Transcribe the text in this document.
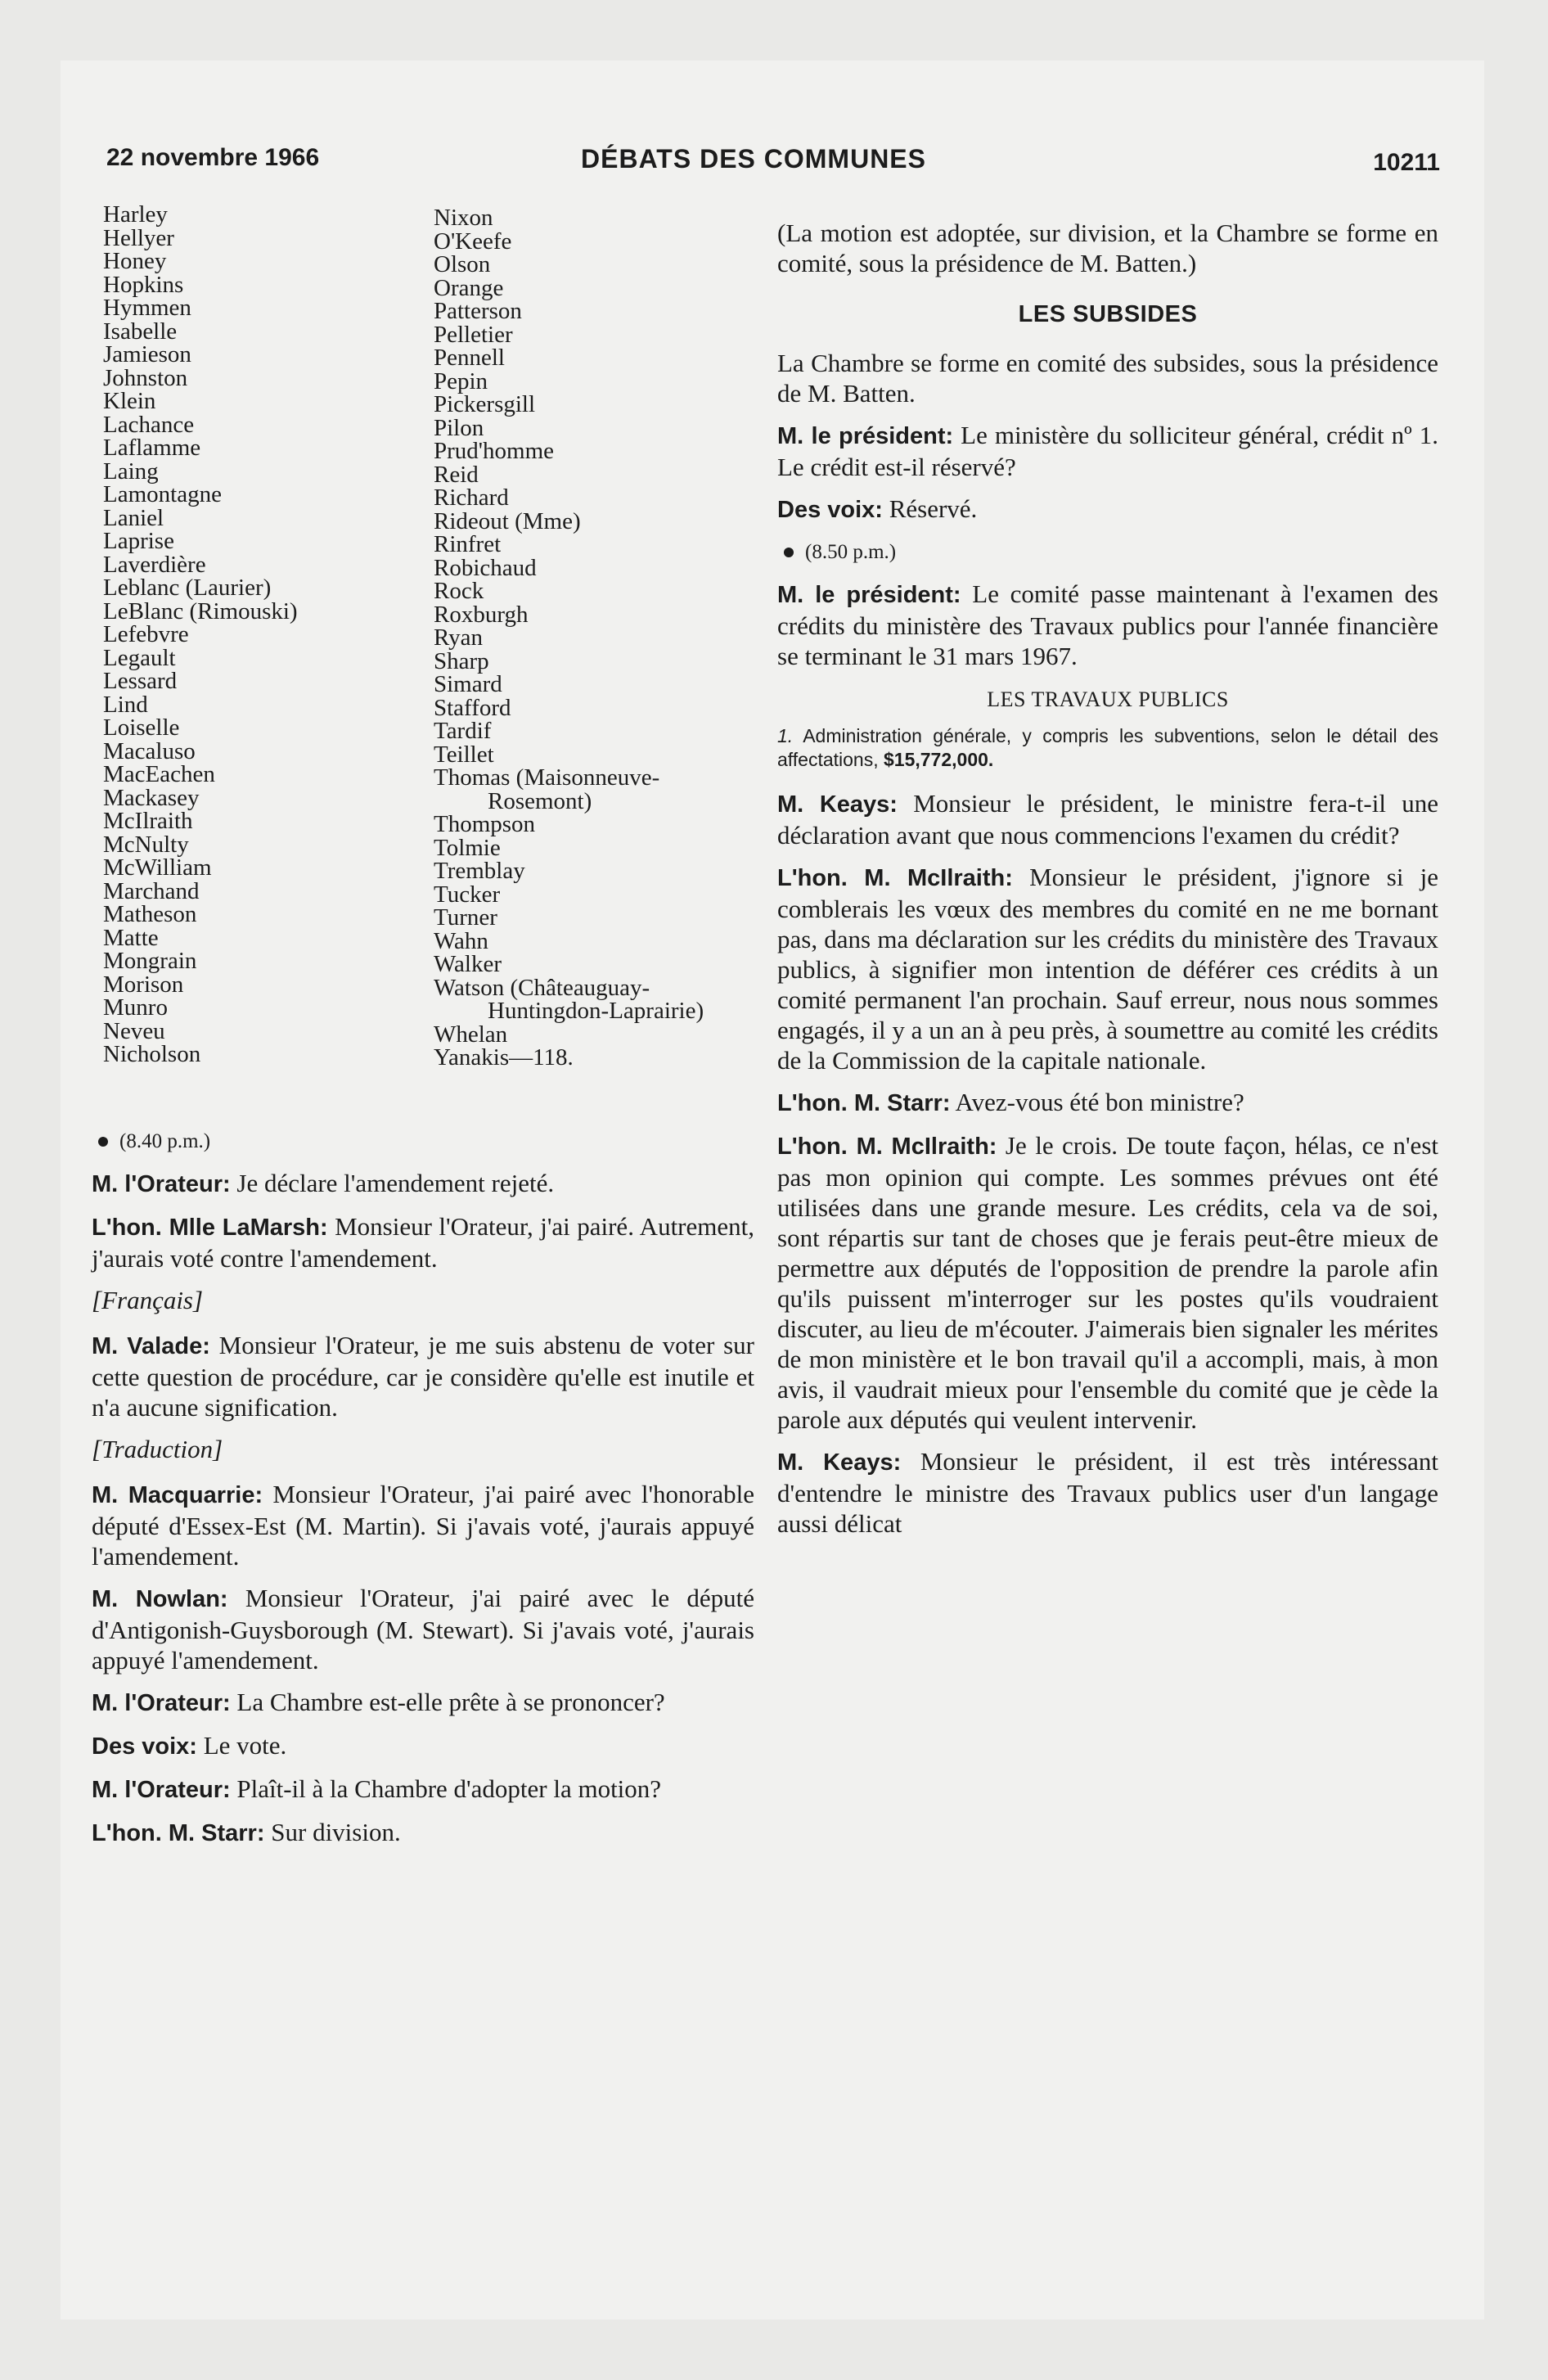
22 novembre 1966	DÉBATS DES COMMUNES	10211
Harley
Hellyer
Honey
Hopkins
Hymmen
Isabelle
Jamieson
Johnston
Klein
Lachance
Laflamme
Laing
Lamontagne
Laniel
Laprise
Laverdière
Leblanc (Laurier)
LeBlanc (Rimouski)
Lefebvre
Legault
Lessard
Lind
Loiselle
Macaluso
MacEachen
Mackasey
McIlraith
McNulty
McWilliam
Marchand
Matheson
Matte
Mongrain
Morison
Munro
Neveu
Nicholson
Nixon
O'Keefe
Olson
Orange
Patterson
Pelletier
Pennell
Pepin
Pickersgill
Pilon
Prud'homme
Reid
Richard
Rideout (Mme)
Rinfret
Robichaud
Rock
Roxburgh
Ryan
Sharp
Simard
Stafford
Tardif
Teillet
Thomas (Maisonneuve-
Rosemont)
Thompson
Tolmie
Tremblay
Tucker
Turner
Wahn
Walker
Watson (Châteauguay-
Huntingdon-Laprairie)
Whelan
Yanakis—118.
(8.40 p.m.)

M. l'Orateur: Je déclare l'amendement rejeté.

L'hon. Mlle LaMarsh: Monsieur l'Orateur, j'ai pairé. Autrement, j'aurais voté contre l'amendement.

[Français]

M. Valade: Monsieur l'Orateur, je me suis abstenu de voter sur cette question de procédure, car je considère qu'elle est inutile et n'a aucune signification.

[Traduction]

M. Macquarrie: Monsieur l'Orateur, j'ai pairé avec l'honorable député d'Essex-Est (M. Martin). Si j'avais voté, j'aurais appuyé l'amendement.

M. Nowlan: Monsieur l'Orateur, j'ai pairé avec le député d'Antigonish-Guysborough (M. Stewart). Si j'avais voté, j'aurais appuyé l'amendement.

M. l'Orateur: La Chambre est-elle prête à se prononcer?

Des voix: Le vote.

M. l'Orateur: Plaît-il à la Chambre d'adopter la motion?

L'hon. M. Starr: Sur division.

(La motion est adoptée, sur division, et la Chambre se forme en comité, sous la présidence de M. Batten.)

LES SUBSIDES

La Chambre se forme en comité des subsides, sous la présidence de M. Batten.

M. le président: Le ministère du solliciteur général, crédit nº 1. Le crédit est-il réservé?

Des voix: Réservé.

(8.50 p.m.)

M. le président: Le comité passe maintenant à l'examen des crédits du ministère des Travaux publics pour l'année financière se terminant le 31 mars 1967.

LES TRAVAUX PUBLICS

1. Administration générale, y compris les subventions, selon le détail des affectations, $15,772,000.

M. Keays: Monsieur le président, le ministre fera-t-il une déclaration avant que nous commencions l'examen du crédit?

L'hon. M. McIlraith: Monsieur le président, j'ignore si je comblerais les vœux des membres du comité en ne me bornant pas, dans ma déclaration sur les crédits du ministère des Travaux publics, à signifier mon intention de déférer ces crédits à un comité permanent l'an prochain. Sauf erreur, nous nous sommes engagés, il y a un an à peu près, à soumettre au comité les crédits de la Commission de la capitale nationale.

L'hon. M. Starr: Avez-vous été bon ministre?

L'hon. M. McIlraith: Je le crois. De toute façon, hélas, ce n'est pas mon opinion qui compte. Les sommes prévues ont été utilisées dans une grande mesure. Les crédits, cela va de soi, sont répartis sur tant de choses que je ferais peut-être mieux de permettre aux députés de l'opposition de prendre la parole afin qu'ils puissent m'interroger sur les postes qu'ils voudraient discuter, au lieu de m'écouter. J'aimerais bien signaler les mérites de mon ministère et le bon travail qu'il a accompli, mais, à mon avis, il vaudrait mieux pour l'ensemble du comité que je cède la parole aux députés qui veulent intervenir.

M. Keays: Monsieur le président, il est très intéressant d'entendre le ministre des Travaux publics user d'un langage aussi délicat
